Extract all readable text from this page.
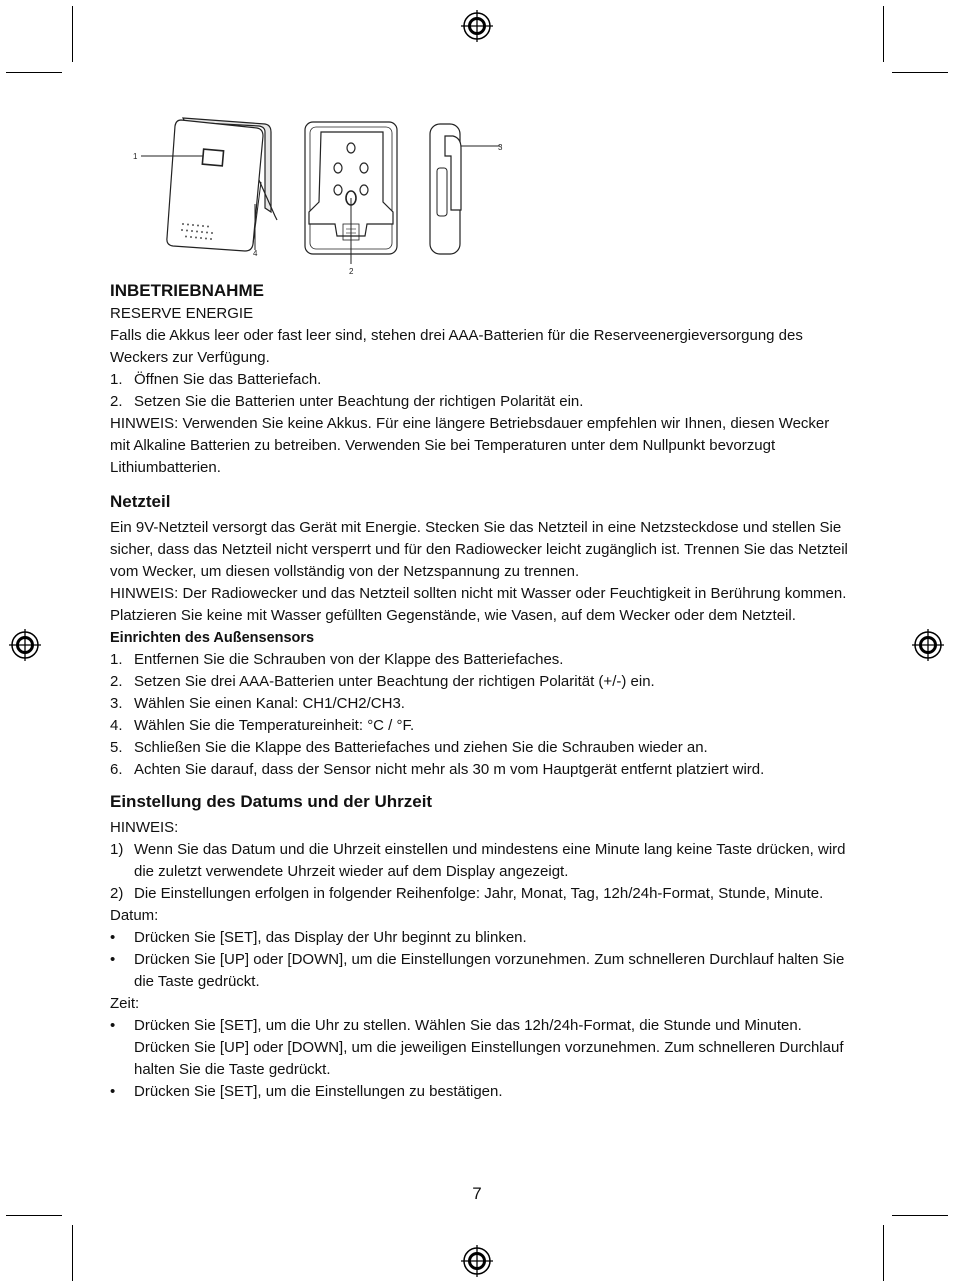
1
4
2
3
INBETRIEBNAHME

RESERVE ENERGIE

Falls die Akkus leer oder fast leer sind, stehen drei AAA-Batterien für die Reserveenergieversorgung des Weckers zur Verfügung.

1. Öffnen Sie das Batteriefach.
2. Setzen Sie die Batterien unter Beachtung der richtigen Polarität ein.

HINWEIS: Verwenden Sie keine Akkus. Für eine längere Betriebsdauer empfehlen wir Ihnen, diesen Wecker mit Alkaline Batterien zu betreiben. Verwenden Sie bei Temperaturen unter dem Nullpunkt bevorzugt Lithiumbatterien.

Netzteil

Ein 9V-Netzteil versorgt das Gerät mit Energie. Stecken Sie das Netzteil in eine Netzsteckdose und stellen Sie sicher, dass das Netzteil nicht versperrt und für den Radiowecker leicht zugänglich ist. Trennen Sie das Netzteil vom Wecker, um diesen vollständig von der Netzspannung zu trennen.

HINWEIS: Der Radiowecker und das Netzteil sollten nicht mit Wasser oder Feuchtigkeit in Berührung kommen. Platzieren Sie keine mit Wasser gefüllten Gegenstände, wie Vasen, auf dem Wecker oder dem Netzteil.

Einrichten des Außensensors
1. Entfernen Sie die Schrauben von der Klappe des Batteriefaches.
2. Setzen Sie drei AAA-Batterien unter Beachtung der richtigen Polarität (+/-) ein.
3. Wählen Sie einen Kanal: CH1/CH2/CH3.
4. Wählen Sie die Temperatureinheit: °C / °F.
5. Schließen Sie die Klappe des Batteriefaches und ziehen Sie die Schrauben wieder an.
6. Achten Sie darauf, dass der Sensor nicht mehr als 30 m vom Hauptgerät entfernt platziert wird.
Einstellung des Datums und der Uhrzeit

HINWEIS:

1) Wenn Sie das Datum und die Uhrzeit einstellen und mindestens eine Minute lang keine Taste drücken, wird die zuletzt verwendete Uhrzeit wieder auf dem Display angezeigt.
2) Die Einstellungen erfolgen in folgender Reihenfolge: Jahr, Monat, Tag, 12h/24h-Format, Stunde, Minute.

Datum:

• Drücken Sie [SET], das Display der Uhr beginnt zu blinken.
• Drücken Sie [UP] oder [DOWN], um die Einstellungen vorzunehmen. Zum schnelleren Durchlauf halten Sie die Taste gedrückt.

Zeit:

• Drücken Sie [SET], um die Uhr zu stellen. Wählen Sie das 12h/24h-Format, die Stunde und Minuten. Drücken Sie [UP] oder [DOWN], um die jeweiligen Einstellungen vorzunehmen. Zum schnelleren Durchlauf halten Sie die Taste gedrückt.
• Drücken Sie [SET], um die Einstellungen zu bestätigen.
7
